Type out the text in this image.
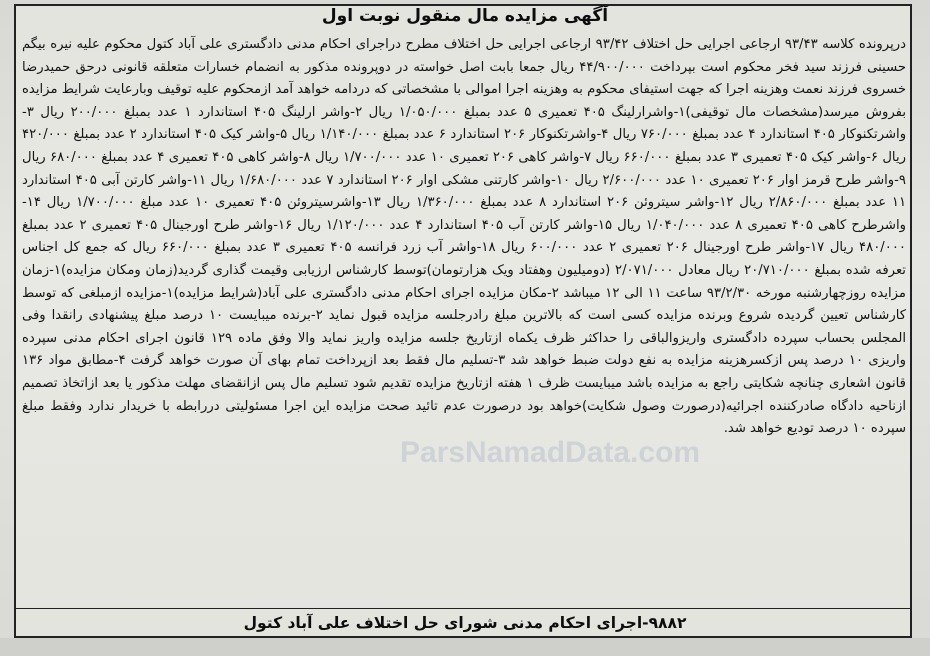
آگهی مزایده مال منقول نوبت اول

درپرونده کلاسه ۹۳/۴۳ ارجاعی اجرایی حل اختلاف ۹۳/۴۲ ارجاعی اجرایی حل اختلاف مطرح دراجرای احکام مدنی دادگستری علی آباد کتول محکوم علیه نیره بیگم حسینی فرزند سید فخر محکوم است بپرداخت ۴۴/۹۰۰/۰۰۰ ریال جمعا بابت اصل خواسته در دوپرونده مذکور به انضمام خسارات متعلقه قانونی درحق حمیدرضا خسروی فرزند نعمت وهزینه اجرا که جهت استیفای محکوم به وهزینه اجرا اموالی با مشخصاتی که دردامه خواهد آمد ازمحکوم علیه توقیف وبارعایت شرایط مزایده بفروش میرسد(مشخصات مال توقیفی)۱-واشرارلینگ ۴۰۵ تعمیری ۵ عدد بمبلغ ۱/۰۵۰/۰۰۰ ریال ۲-واشر ارلینگ ۴۰۵ استاندارد ۱ عدد بمبلغ ۲۰۰/۰۰۰ ریال ۳-واشرتکنوکار ۴۰۵ استاندارد ۴ عدد بمبلغ ۷۶۰/۰۰۰ ریال ۴-واشرتکنوکار ۲۰۶ استاندارد ۶ عدد بمبلغ ۱/۱۴۰/۰۰۰ ریال ۵-واشر کیک ۴۰۵ استاندارد ۲ عدد بمبلغ ۴۲۰/۰۰۰ ریال ۶-واشر کیک ۴۰۵ تعمیری ۳ عدد بمبلغ ۶۶۰/۰۰۰ ریال ۷-واشر کاهی ۲۰۶ تعمیری ۱۰ عدد ۱/۷۰۰/۰۰۰ ریال ۸-واشر کاهی ۴۰۵ تعمیری ۴ عدد بمبلغ ۶۸۰/۰۰۰ ریال ۹-واشر طرح قرمز اوار ۲۰۶ تعمیری ۱۰ عدد ۲/۶۰۰/۰۰۰ ریال ۱۰-واشر کارتنی مشکی اوار ۲۰۶ استاندارد ۷ عدد ۱/۶۸۰/۰۰۰ ریال ۱۱-واشر کارتن آبی ۴۰۵ استاندارد ۱۱ عدد بمبلغ ۲/۸۶۰/۰۰۰ ریال ۱۲-واشر سیتروئن ۲۰۶ استاندارد ۸ عدد بمبلغ ۱/۳۶۰/۰۰۰ ریال ۱۳-واشرسیتروئن ۴۰۵ تعمیری ۱۰ عدد مبلغ ۱/۷۰۰/۰۰۰ ریال ۱۴-واشرطرح کاهی ۴۰۵ تعمیری ۸ عدد ۱/۰۴۰/۰۰۰ ریال ۱۵-واشر کارتن آب ۴۰۵ استاندارد ۴ عدد ۱/۱۲۰/۰۰۰ ریال ۱۶-واشر طرح اورجینال ۴۰۵ تعمیری ۲ عدد بمبلغ ۴۸۰/۰۰۰ ریال ۱۷-واشر طرح اورجینال ۲۰۶ تعمیری ۲ عدد ۶۰۰/۰۰۰ ریال ۱۸-واشر آب زرد فرانسه ۴۰۵ تعمیری ۳ عدد بمبلغ ۶۶۰/۰۰۰ ریال که جمع کل اجناس تعرفه شده بمبلغ ۲۰/۷۱۰/۰۰۰ ریال معادل ۲/۰۷۱/۰۰۰ (دومیلیون وهفتاد ویک هزارتومان)توسط کارشناس ارزیابی وقیمت گذاری گردید(زمان ومکان مزایده)۱-زمان مزایده روزچهارشنبه مورخه ۹۳/۲/۳۰ ساعت ۱۱ الی ۱۲ میباشد ۲-مکان مزایده اجرای احکام مدنی دادگستری علی آباد(شرایط مزایده)۱-مزایده ازمبلغی که توسط کارشناس تعیین گردیده شروع وبرنده مزایده کسی است که بالاترین مبلغ رادرجلسه مزایده قبول نماید ۲-برنده میبایست ۱۰ درصد مبلغ پیشنهادی رانقدا وفی المجلس بحساب سپرده دادگستری واریزوالباقی را حداکثر ظرف یکماه ازتاریخ جلسه مزایده واریز نماید والا وفق ماده ۱۲۹ قانون اجرای احکام مدنی سپرده واریزی ۱۰ درصد پس ازکسرهزینه مزایده به نفع دولت ضبط خواهد شد ۳-تسلیم مال فقط بعد ازپرداخت تمام بهای آن صورت خواهد گرفت ۴-مطابق مواد ۱۳۶ قانون اشعاری چنانچه شکایتی راجع به مزایده باشد میبایست ظرف ۱ هفته ازتاریخ مزایده تقدیم شود تسلیم مال پس ازانقضای مهلت مذکور یا بعد ازاتخاذ تصمیم ازناحیه دادگاه صادرکننده اجرائیه(درصورت وصول شکایت)خواهد بود درصورت عدم تائید صحت مزایده این اجرا مسئولیتی دررابطه با خریدار ندارد وفقط مبلغ سپرده ۱۰ درصد تودیع خواهد شد.

ParsNamadData.com
۹۸۸۲-اجرای احکام مدنی شورای حل اختلاف علی آباد کتول
